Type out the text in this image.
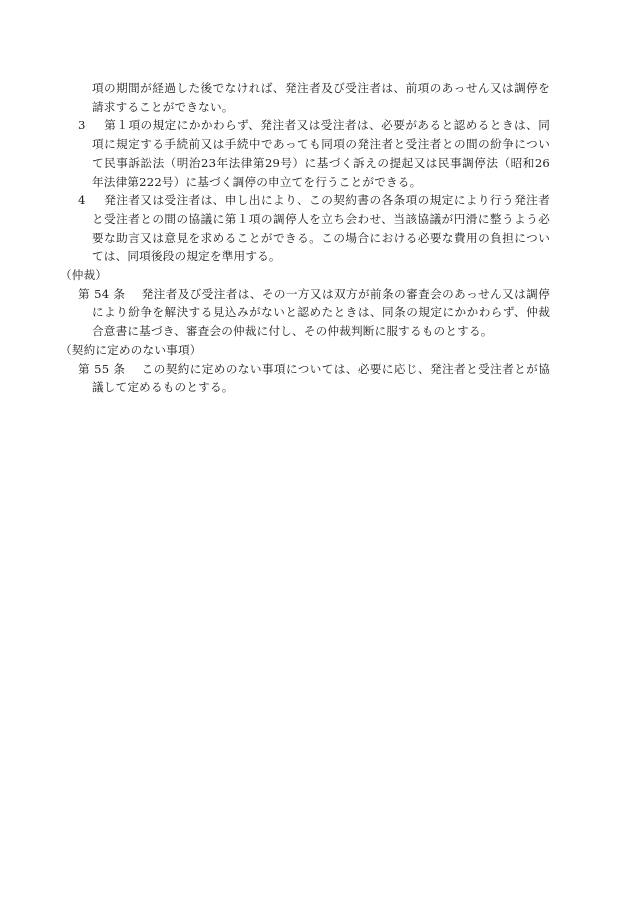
項の期間が経過した後でなければ、発注者及び受注者は、前項のあっせん又は調停を請求することができない。

3 第１項の規定にかかわらず、発注者又は受注者は、必要があると認めるときは、同項に規定する手続前又は手続中であっても同項の発注者と受注者との間の紛争について民事訴訟法（明治23年法律第29号）に基づく訴えの提起又は民事調停法（昭和26年法律第222号）に基づく調停の申立てを行うことができる。

4 発注者又は受注者は、申し出により、この契約書の各条項の規定により行う発注者と受注者との間の協議に第１項の調停人を立ち会わせ、当該協議が円滑に整うよう必要な助言又は意見を求めることができる。この場合における必要な費用の負担については、同項後段の規定を準用する。

（仲裁）

第 54 条 発注者及び受注者は、その一方又は双方が前条の審査会のあっせん又は調停により紛争を解決する見込みがないと認めたときは、同条の規定にかかわらず、仲裁合意書に基づき、審査会の仲裁に付し、その仲裁判断に服するものとする。

（契約に定めのない事項）

第 55 条 この契約に定めのない事項については、必要に応じ、発注者と受注者とが協議して定めるものとする。
